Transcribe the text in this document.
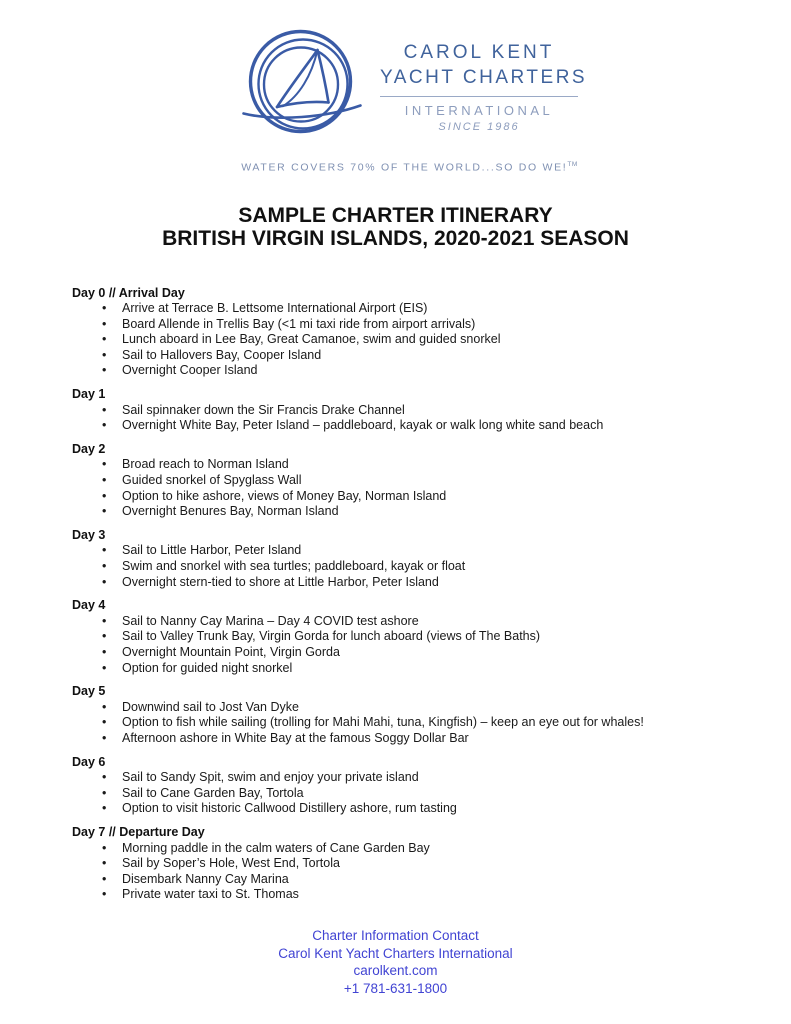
CAROL KENT
YACHT CHARTERS
INTERNATIONAL
SINCE 1986
WATER COVERS 70% OF THE WORLD...SO DO WE!™
SAMPLE CHARTER ITINERARY
BRITISH VIRGIN ISLANDS, 2020-2021 SEASON
Day 0 // Arrival Day
• Arrive at Terrace B. Lettsome International Airport (EIS)
• Board Allende in Trellis Bay (<1 mi taxi ride from airport arrivals)
• Lunch aboard in Lee Bay, Great Camanoe, swim and guided snorkel
• Sail to Hallovers Bay, Cooper Island
• Overnight Cooper Island
Day 1
• Sail spinnaker down the Sir Francis Drake Channel
• Overnight White Bay, Peter Island – paddleboard, kayak or walk long white sand beach
Day 2
• Broad reach to Norman Island
• Guided snorkel of Spyglass Wall
• Option to hike ashore, views of Money Bay, Norman Island
• Overnight Benures Bay, Norman Island
Day 3
• Sail to Little Harbor, Peter Island
• Swim and snorkel with sea turtles; paddleboard, kayak or float
• Overnight stern-tied to shore at Little Harbor, Peter Island
Day 4
• Sail to Nanny Cay Marina – Day 4 COVID test ashore
• Sail to Valley Trunk Bay, Virgin Gorda for lunch aboard (views of The Baths)
• Overnight Mountain Point, Virgin Gorda
• Option for guided night snorkel
Day 5
• Downwind sail to Jost Van Dyke
• Option to fish while sailing (trolling for Mahi Mahi, tuna, Kingfish) – keep an eye out for whales!
• Afternoon ashore in White Bay at the famous Soggy Dollar Bar
Day 6
• Sail to Sandy Spit, swim and enjoy your private island
• Sail to Cane Garden Bay, Tortola
• Option to visit historic Callwood Distillery ashore, rum tasting
Day 7 // Departure Day
• Morning paddle in the calm waters of Cane Garden Bay
• Sail by Soper’s Hole, West End, Tortola
• Disembark Nanny Cay Marina
• Private water taxi to St. Thomas
Charter Information Contact
Carol Kent Yacht Charters International
carolkent.com
+1 781-631-1800
